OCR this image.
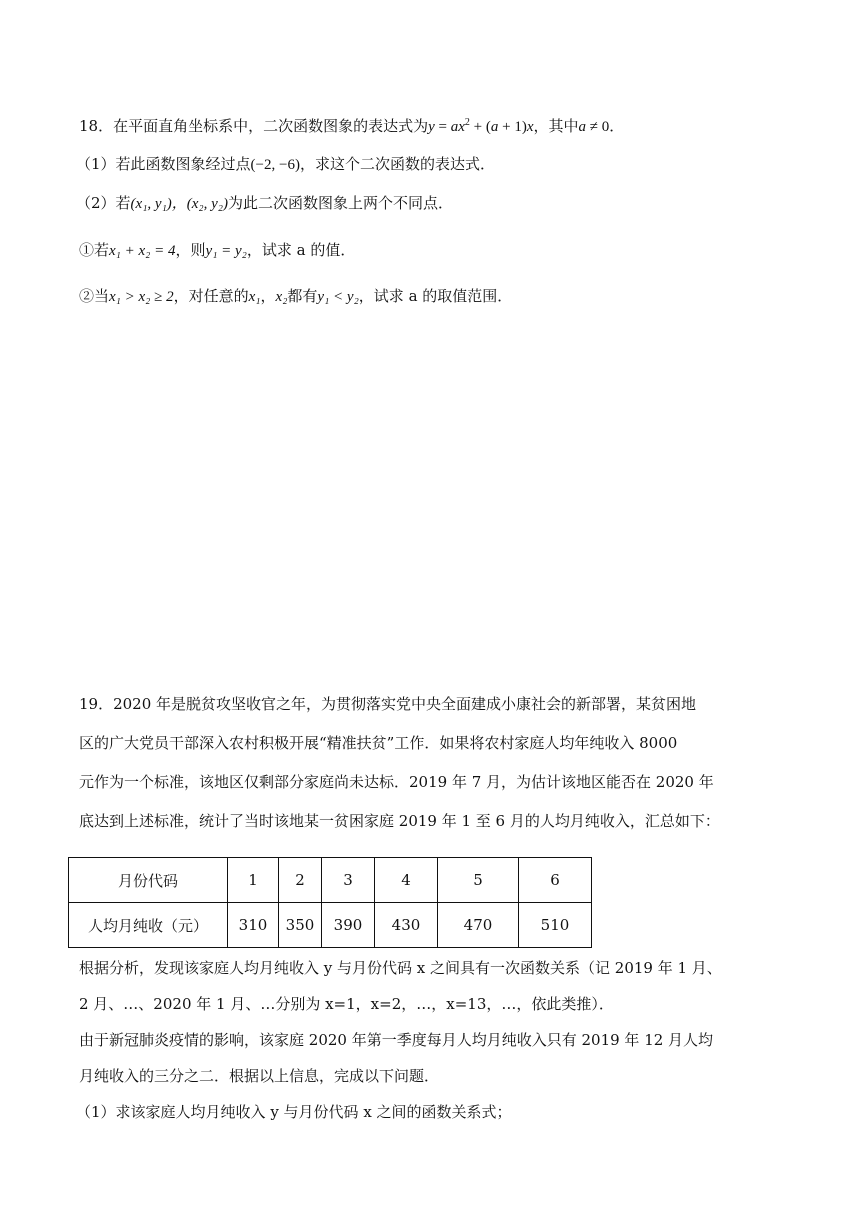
18．在平面直角坐标系中，二次函数图象的表达式为$y = ax^2 + (a + 1)x$，其中a ≠ 0．
（1）若此函数图象经过点(−2, −6)，求这个二次函数的表达式．
（2）若(x₁, y₁)，(x₂, y₂)为此二次函数图象上两个不同点．
①若x₁ + x₂ = 4，则y₁ = y₂，试求 a 的值．
②当x₁ > x₂ ≥ 2，对任意的x₁，x₂都有y₁ < y₂，试求 a 的取值范围．
19．2020 年是脱贫攻坚收官之年，为贯彻落实党中央全面建成小康社会的新部署，某贫困地
区的广大党员干部深入农村积极开展“精准扶贫”工作．如果将农村家庭人均年纯收入 8000
元作为一个标准，该地区仅剩部分家庭尚未达标．2019 年 7 月，为估计该地区能否在 2020 年
底达到上述标准，统计了当时该地某一贫困家庭 2019 年 1 至 6 月的人均月纯收入，汇总如下：
月份代码	1	2	3	4	5	6
人均月纯收（元）	310	350	390	430	470	510
根据分析，发现该家庭人均月纯收入 y 与月份代码 x 之间具有一次函数关系（记 2019 年 1 月、
2 月、…、2020 年 1 月、…分别为 x=1，x=2，…，x=13，…，依此类推）．
由于新冠肺炎疫情的影响，该家庭 2020 年第一季度每月人均月纯收入只有 2019 年 12 月人均
月纯收入的三分之二．根据以上信息，完成以下问题．
（1）求该家庭人均月纯收入 y 与月份代码 x 之间的函数关系式；
